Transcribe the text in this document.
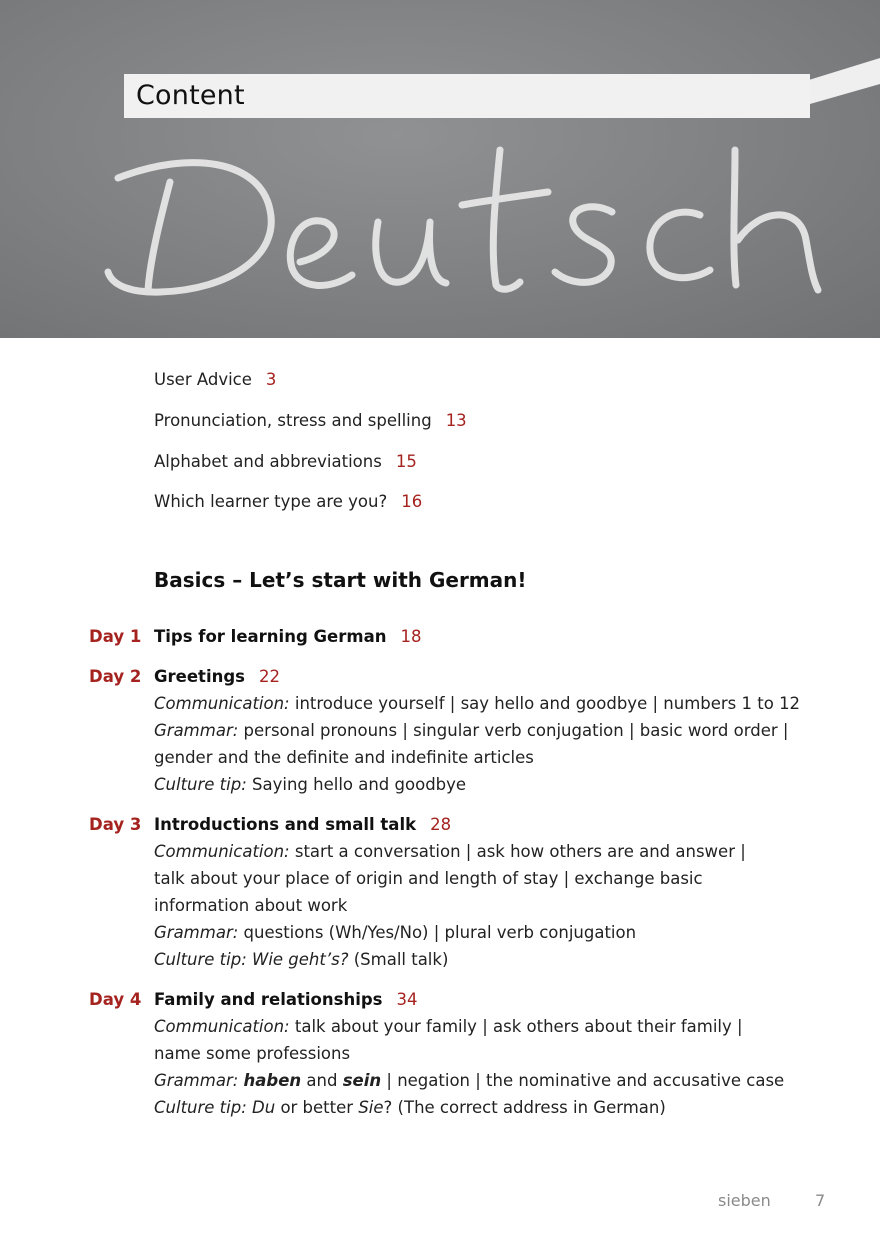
Content
User Advice 3
Pronunciation, stress and spelling 13
Alphabet and abbreviations 15
Which learner type are you? 16
Basics – Let’s start with German!
Day 1 Tips for learning German 18
Day 2 Greetings 22
Communication: introduce yourself | say hello and goodbye | numbers 1 to 12
Grammar: personal pronouns | singular verb conjugation | basic word order |
gender and the definite and indefinite articles
Culture tip: Saying hello and goodbye
Day 3 Introductions and small talk 28
Communication: start a conversation | ask how others are and answer |
talk about your place of origin and length of stay | exchange basic
information about work
Grammar: questions (Wh/Yes/No) | plural verb conjugation
Culture tip: Wie geht’s? (Small talk)
Day 4 Family and relationships 34
Communication: talk about your family | ask others about their family |
name some professions
Grammar: haben and sein | negation | the nominative and accusative case
Culture tip: Du or better Sie? (The correct address in German)
sieben	7
